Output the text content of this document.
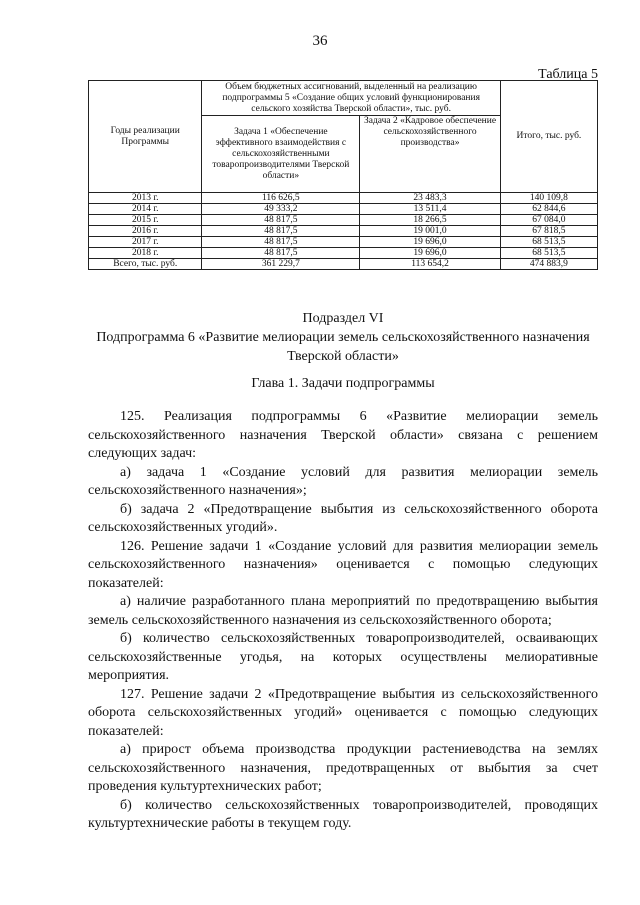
36
Таблица 5
Годы реализации Программы	Объем бюджетных ассигнований, выделенный на реализацию подпрограммы 5 «Создание общих условий функционирования сельского хозяйства Тверской области», тыс. руб.		Итого, тыс. руб.
	Задача 1 «Обеспечение эффективного взаимодействия с сельскохозяйственными товаропроизводителями Тверской области»	Задача 2 «Кадровое обеспечение сельскохозяйственного производства»	
2013 г.	116 626,5	23 483,3	140 109,8
2014 г.	49 333,2	13 511,4	62 844,6
2015 г.	48 817,5	18 266,5	67 084,0
2016 г.	48 817,5	19 001,0	67 818,5
2017 г.	48 817,5	19 696,0	68 513,5
2018 г.	48 817,5	19 696,0	68 513,5
Всего, тыс. руб.	361 229,7	113 654,2	474 883,9
Подраздел VI
Подпрограмма 6 «Развитие мелиорации земель сельскохозяйственного назначения Тверской области»
Глава 1. Задачи подпрограммы

125. Реализация подпрограммы 6 «Развитие мелиорации земель сельскохозяйственного назначения Тверской области» связана с решением следующих задач:

а) задача 1 «Создание условий для развития мелиорации земель сельскохозяйственного назначения»;

б) задача 2 «Предотвращение выбытия из сельскохозяйственного оборота сельскохозяйственных угодий».

126. Решение задачи 1 «Создание условий для развития мелиорации земель сельскохозяйственного назначения» оценивается с помощью следующих показателей:

а) наличие разработанного плана мероприятий по предотвращению выбытия земель сельскохозяйственного назначения из сельскохозяйственного оборота;

б) количество сельскохозяйственных товаропроизводителей, осваивающих сельскохозяйственные угодья, на которых осуществлены мелиоративные мероприятия.

127. Решение задачи 2 «Предотвращение выбытия из сельскохозяйственного оборота сельскохозяйственных угодий» оценивается с помощью следующих показателей:

а) прирост объема производства продукции растениеводства на землях сельскохозяйственного назначения, предотвращенных от выбытия за счет проведения культуртехнических работ;

б) количество сельскохозяйственных товаропроизводителей, проводящих культуртехнические работы в текущем году.
